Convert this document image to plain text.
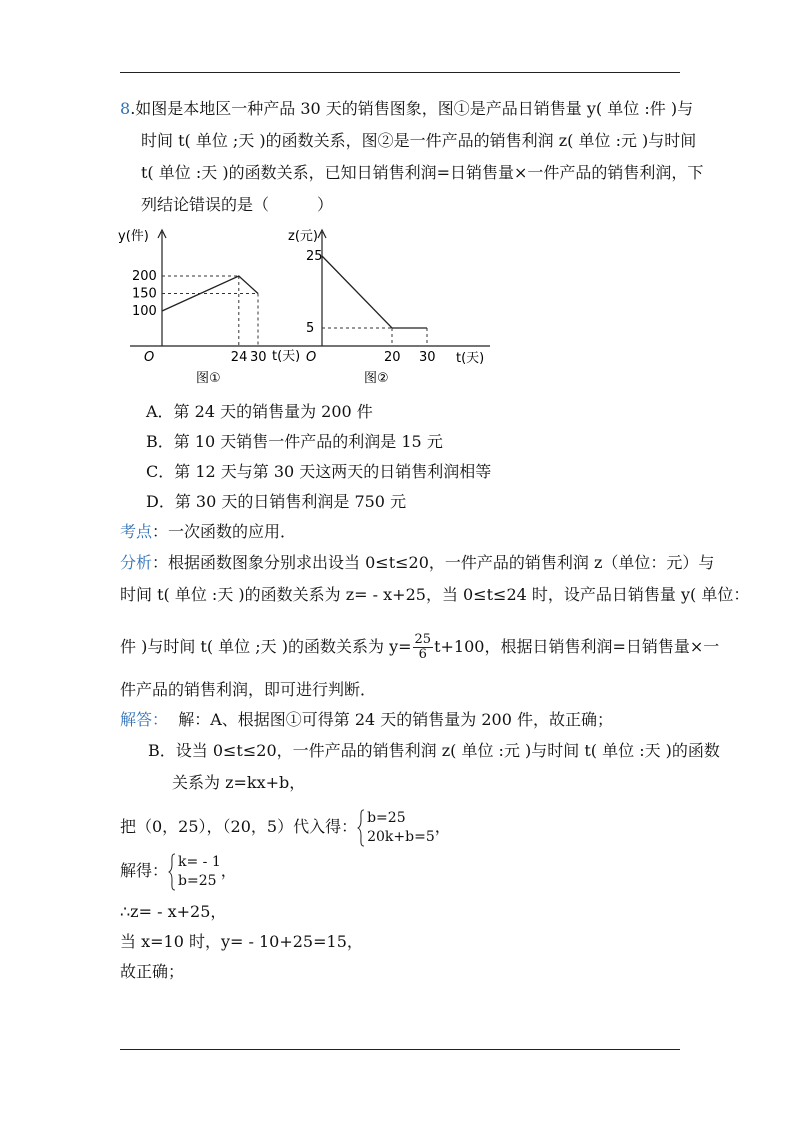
8.如图是本地区一种产品 30 天的销售图象，图①是产品日销售量 y( 单位 :件 )与
时间 t( 单位 ;天 )的函数关系，图②是一件产品的销售利润 z( 单位 :元 )与时间
t( 单位 :天 )的函数关系，已知日销售利润=日销售量×一件产品的销售利润，下
列结论错误的是（	）
y(件)
t(天)
O
100
150
200
24 30
图①
z(元)
t(天)
O
5
25
20 30
图②
A．第 24 天的销售量为 200 件
B．第 10 天销售一件产品的利润是 15 元
C．第 12 天与第 30 天这两天的日销售利润相等
D．第 30 天的日销售利润是 750 元
考点：一次函数的应用．
分析：根据函数图象分别求出设当 0≤t≤20，一件产品的销售利润 z（单位：元）与
时间 t( 单位 :天 )的函数关系为 z= - x+25，当 0≤t≤24 时，设产品日销售量 y( 单位：
件 )与时间 t( 单位 ;天 )的函数关系为 $y= \frac{25}{6} t+100$，根据日销售利润=日销售量×一
件产品的销售利润，即可进行判断．
解答： 解：A、根据图①可得第 24 天的销售量为 200 件，故正确；
B．设当 0≤t≤20，一件产品的销售利润 z( 单位 :元 )与时间 t( 单位 :天 )的函数
关系为 z=kx+b，
把（0，25），（20，5）代入得： b=25
20k+b=5
，
解得： k= - 1
b=25
，
∴z= - x+25，
当 x=10 时，y= - 10+25=15，
故正确；
